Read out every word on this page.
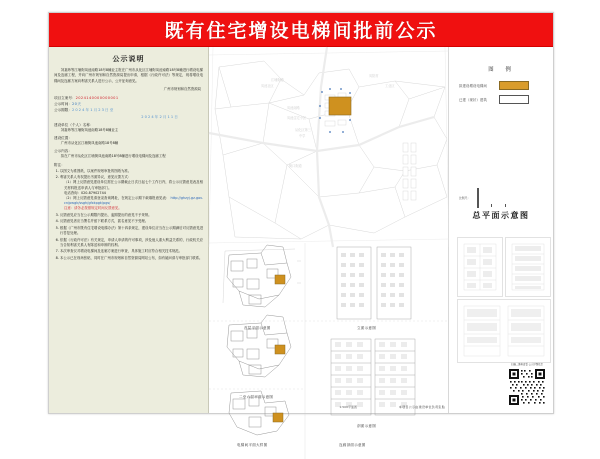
既有住宅增设电梯间批前公示
公示说明
刘嘉炜等江埔街凤池南路18号8幢业主报在广州市从化区江埔街凤池南路18号8幢进行增设电梯间及连廊工程，并向广州市规划和自然资源局提出申请，根据《行政许可法》等规定，现将增设电梯间及连廊方案向利害关系人进行公示，公开征询意见。
广州市规划和自然资源局
项目立案号：2024140000000001
公示时间：20天
公示期限：2024年1月23日至
2024年2月11日
建设单位（个人）名称：
刘嘉炜等江埔街凤池南路18号8幢业主
建设位置：
广州市从化区江埔街凤池南路18号8幢
公示内容：
拟在广州市从化区江埔街凤池南路18号8幢进行增设电梯间及连廊工程
附注：
1. 以图文为准图纸，以案件规划审批的图纸为准。
2. 利害关系人有权提出书面异议，意见反馈方式：
（1）网上反馈意见建设单位需在公示期截止日次日起七个工作日内，将公示反馈意见表及相关材料报送申请人与审批部门。
电话咨询：020-87902744
（2）网上反馈意见请登录查询网址，在规定公示期下载填报意见表： http://ghzyj.gz.gov.cn/pwgk/ssgh/gfxkpgk/pgs/
注意：请务必按照规定时间反馈意见。
3. 反馈意见应当在公示期限内提出，逾期提出的意见不予采纳。
4. 反馈意见者应当署名并留下联系方式，匿名意见不予受理。
5. 根据《广州市既有住宅增设电梯办法》第十四条规定，建设单位应当在公示期满后对反馈意见进行答复处理。
6. 依据《行政许可法》有关规定，申请人申请的许可事项，涉及他人重大利益关系的，行政机关应当告知利害关系人有陈述和申辩的权利。
7. 本次审查仅对增设电梯间及连廊方案进行审查，具体施工时应符合相关技术规范。
8. 本公示已在现场张贴，同时在广州市规划和自然资源局网站公布，如有疑问请与审批部门联系。
江埔街道
凤池社区
凤院村
工业区
凤池南路
凤池住宅小区
从化区第三
中学
街口街道
首层平面示意图	立面示意图
二至六层平面示意图
剖面示意图
电梯间平面大样图	连廊剖面示意图
图 例
拟建设增设电梯间
已建（现状）建筑
比例尺：
总平面示意图
扫描二维码查看 公示详细信息
本项目公示由建设单位负责张贴
1:500平面图
